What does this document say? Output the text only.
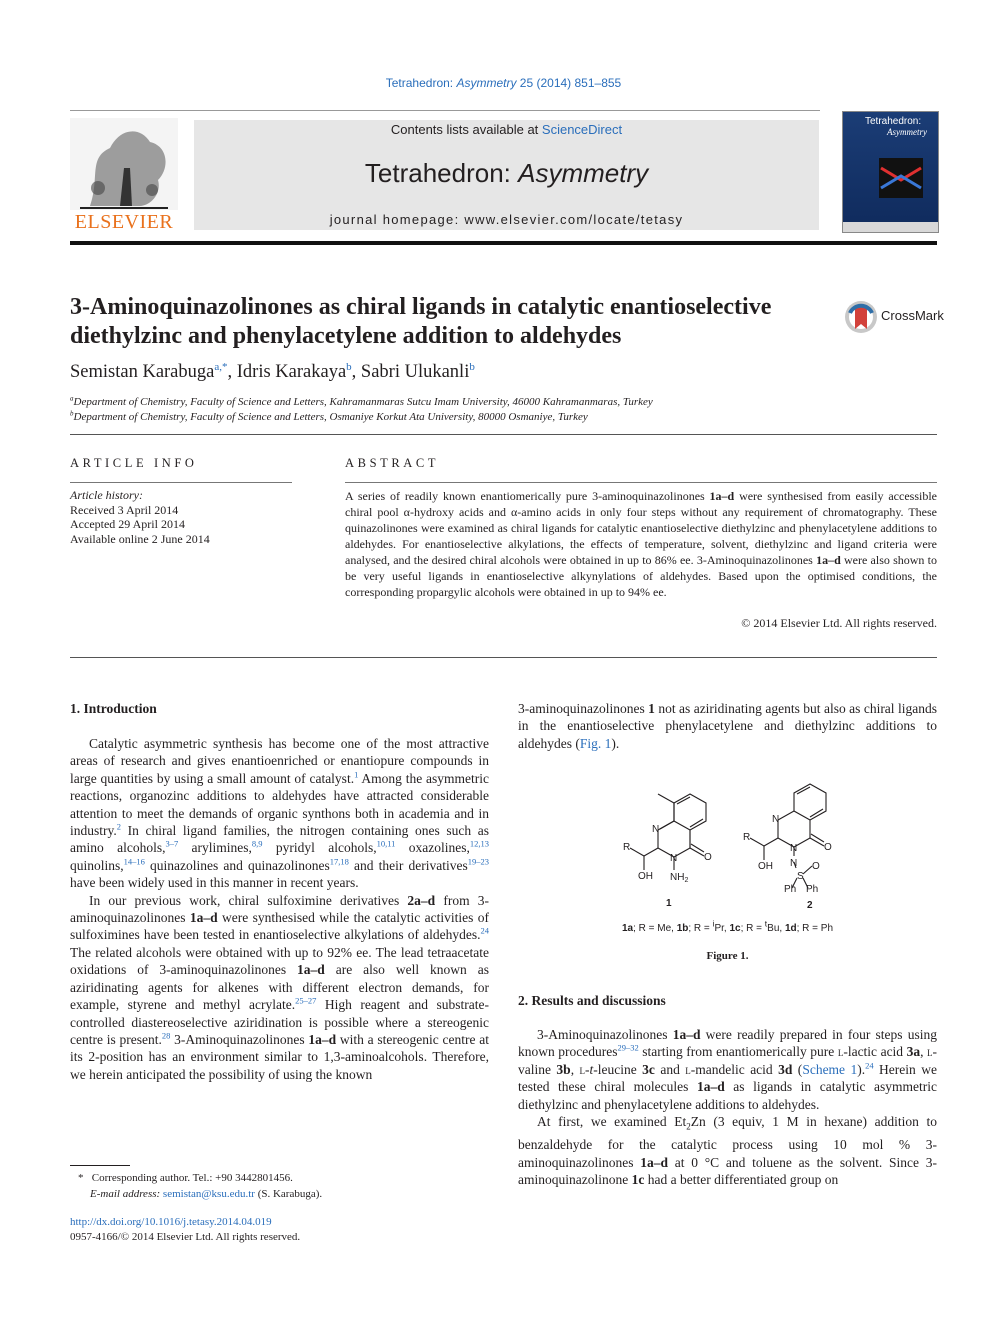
Tetrahedron: Asymmetry 25 (2014) 851–855
ELSEVIER
Contents lists available at ScienceDirect
Tetrahedron: Asymmetry
journal homepage: www.elsevier.com/locate/tetasy
Tetrahedron:
Asymmetry
3-Aminoquinazolinones as chiral ligands in catalytic enantioselective
diethylzinc and phenylacetylene addition to aldehydes
CrossMark
Semistan Karabuga$^{a,*}$, Idris Karakaya$^b$, Sabri Ulukanli$^b$
$^a$Department of Chemistry, Faculty of Science and Letters, Kahramanmaras Sutcu Imam University, 46000 Kahramanmaras, Turkey
$^b$Department of Chemistry, Faculty of Science and Letters, Osmaniye Korkut Ata University, 80000 Osmaniye, Turkey
ARTICLE INFO
Article history:
Received 3 April 2014
Accepted 29 April 2014
Available online 2 June 2014
ABSTRACT
A series of readily known enantiomerically pure 3-aminoquinazolinones 1a–d were synthesised from easily accessible chiral pool α-hydroxy acids and α-amino acids in only four steps without any requirement of chromatography. These quinazolinones were examined as chiral ligands for catalytic enantioselective diethylzinc and phenylacetylene additions to aldehydes. For enantioselective alkylations, the effects of temperature, solvent, diethylzinc and ligand criteria were analysed, and the desired chiral alcohols were obtained in up to 86% ee. 3-Aminoquinazolinones 1a–d were also shown to be very useful ligands in enantioselective alkynylations of aldehydes. Based upon the optimised conditions, the corresponding propargylic alcohols were obtained in up to 94% ee.
© 2014 Elsevier Ltd. All rights reserved.
1. Introduction

Catalytic asymmetric synthesis has become one of the most attractive areas of research and gives enantioenriched or enantiopure compounds in large quantities by using a small amount of catalyst.$^1$ Among the asymmetric reactions, organozinc additions to aldehydes have attracted considerable attention to meet the demands of organic synthons both in academia and in industry.$^2$ In chiral ligand families, the nitrogen containing ones such as amino alcohols,$^{3-7}$ arylimines,$^{8,9}$ pyridyl alcohols,$^{10,11}$ oxazolines,$^{12,13}$ quinolins,$^{14-16}$ quinazolines and quinazolinones$^{17,18}$ and their derivatives$^{19-23}$ have been widely used in this manner in recent years.

In our previous work, chiral sulfoximine derivatives 2a–d from 3-aminoquinazolinones 1a–d were synthesised while the catalytic activities of sulfoximines have been tested in enantioselective alkylations of aldehydes.$^{24}$ The related alcohols were obtained with up to 92% ee. The lead tetraacetate oxidations of 3-aminoquinazolinones 1a–d are also well known as aziridinating agents for alkenes with different electron demands, for example, styrene and methyl acrylate.$^{25-27}$ High reagent and substrate-controlled diastereoselective aziridination is possible where a stereogenic centre is present.$^{28}$ 3-Aminoquinazolinones 1a–d with a stereogenic centre at its 2-position has an environment similar to 1,3-aminoalcohols. Therefore, we herein anticipated the possibility of using the known

3-aminoquinazolinones 1 not as aziridinating agents but also as chiral ligands in the enantioselective phenylacetylene and diethylzinc additions to aldehydes (Fig. 1).

N
N	O
R
OH $NH_2$
1
N
N	O
R
OH N
S
O
Ph Ph
2
1a; R = Me, 1b; R = $^i$Pr, 1c; R = $^t$Bu, 1d; R = Ph
Figure 1.
2. Results and discussions

3-Aminoquinazolinones 1a–d were readily prepared in four steps using known procedures$^{29-32}$ starting from enantiomerically pure l-lactic acid 3a, l-valine 3b, l-t-leucine 3c and l-mandelic acid 3d (Scheme 1).$^{24}$ Herein we tested these chiral molecules 1a–d as ligands in catalytic asymmetric diethylzinc and phenylacetylene additions to aldehydes.

At first, we examined $Et_2Zn$ (3 equiv, 1 M in hexane) addition to benzaldehyde for the catalytic process using 10 mol % 3-aminoquinazolinones 1a–d at 0 °C and toluene as the solvent. Since 3-aminoquinazolinone 1c had a better differentiated group on

* Corresponding author. Tel.: +90 3442801456.
E-mail address: semistan@ksu.edu.tr (S. Karabuga).
http://dx.doi.org/10.1016/j.tetasy.2014.04.019
0957-4166/© 2014 Elsevier Ltd. All rights reserved.
